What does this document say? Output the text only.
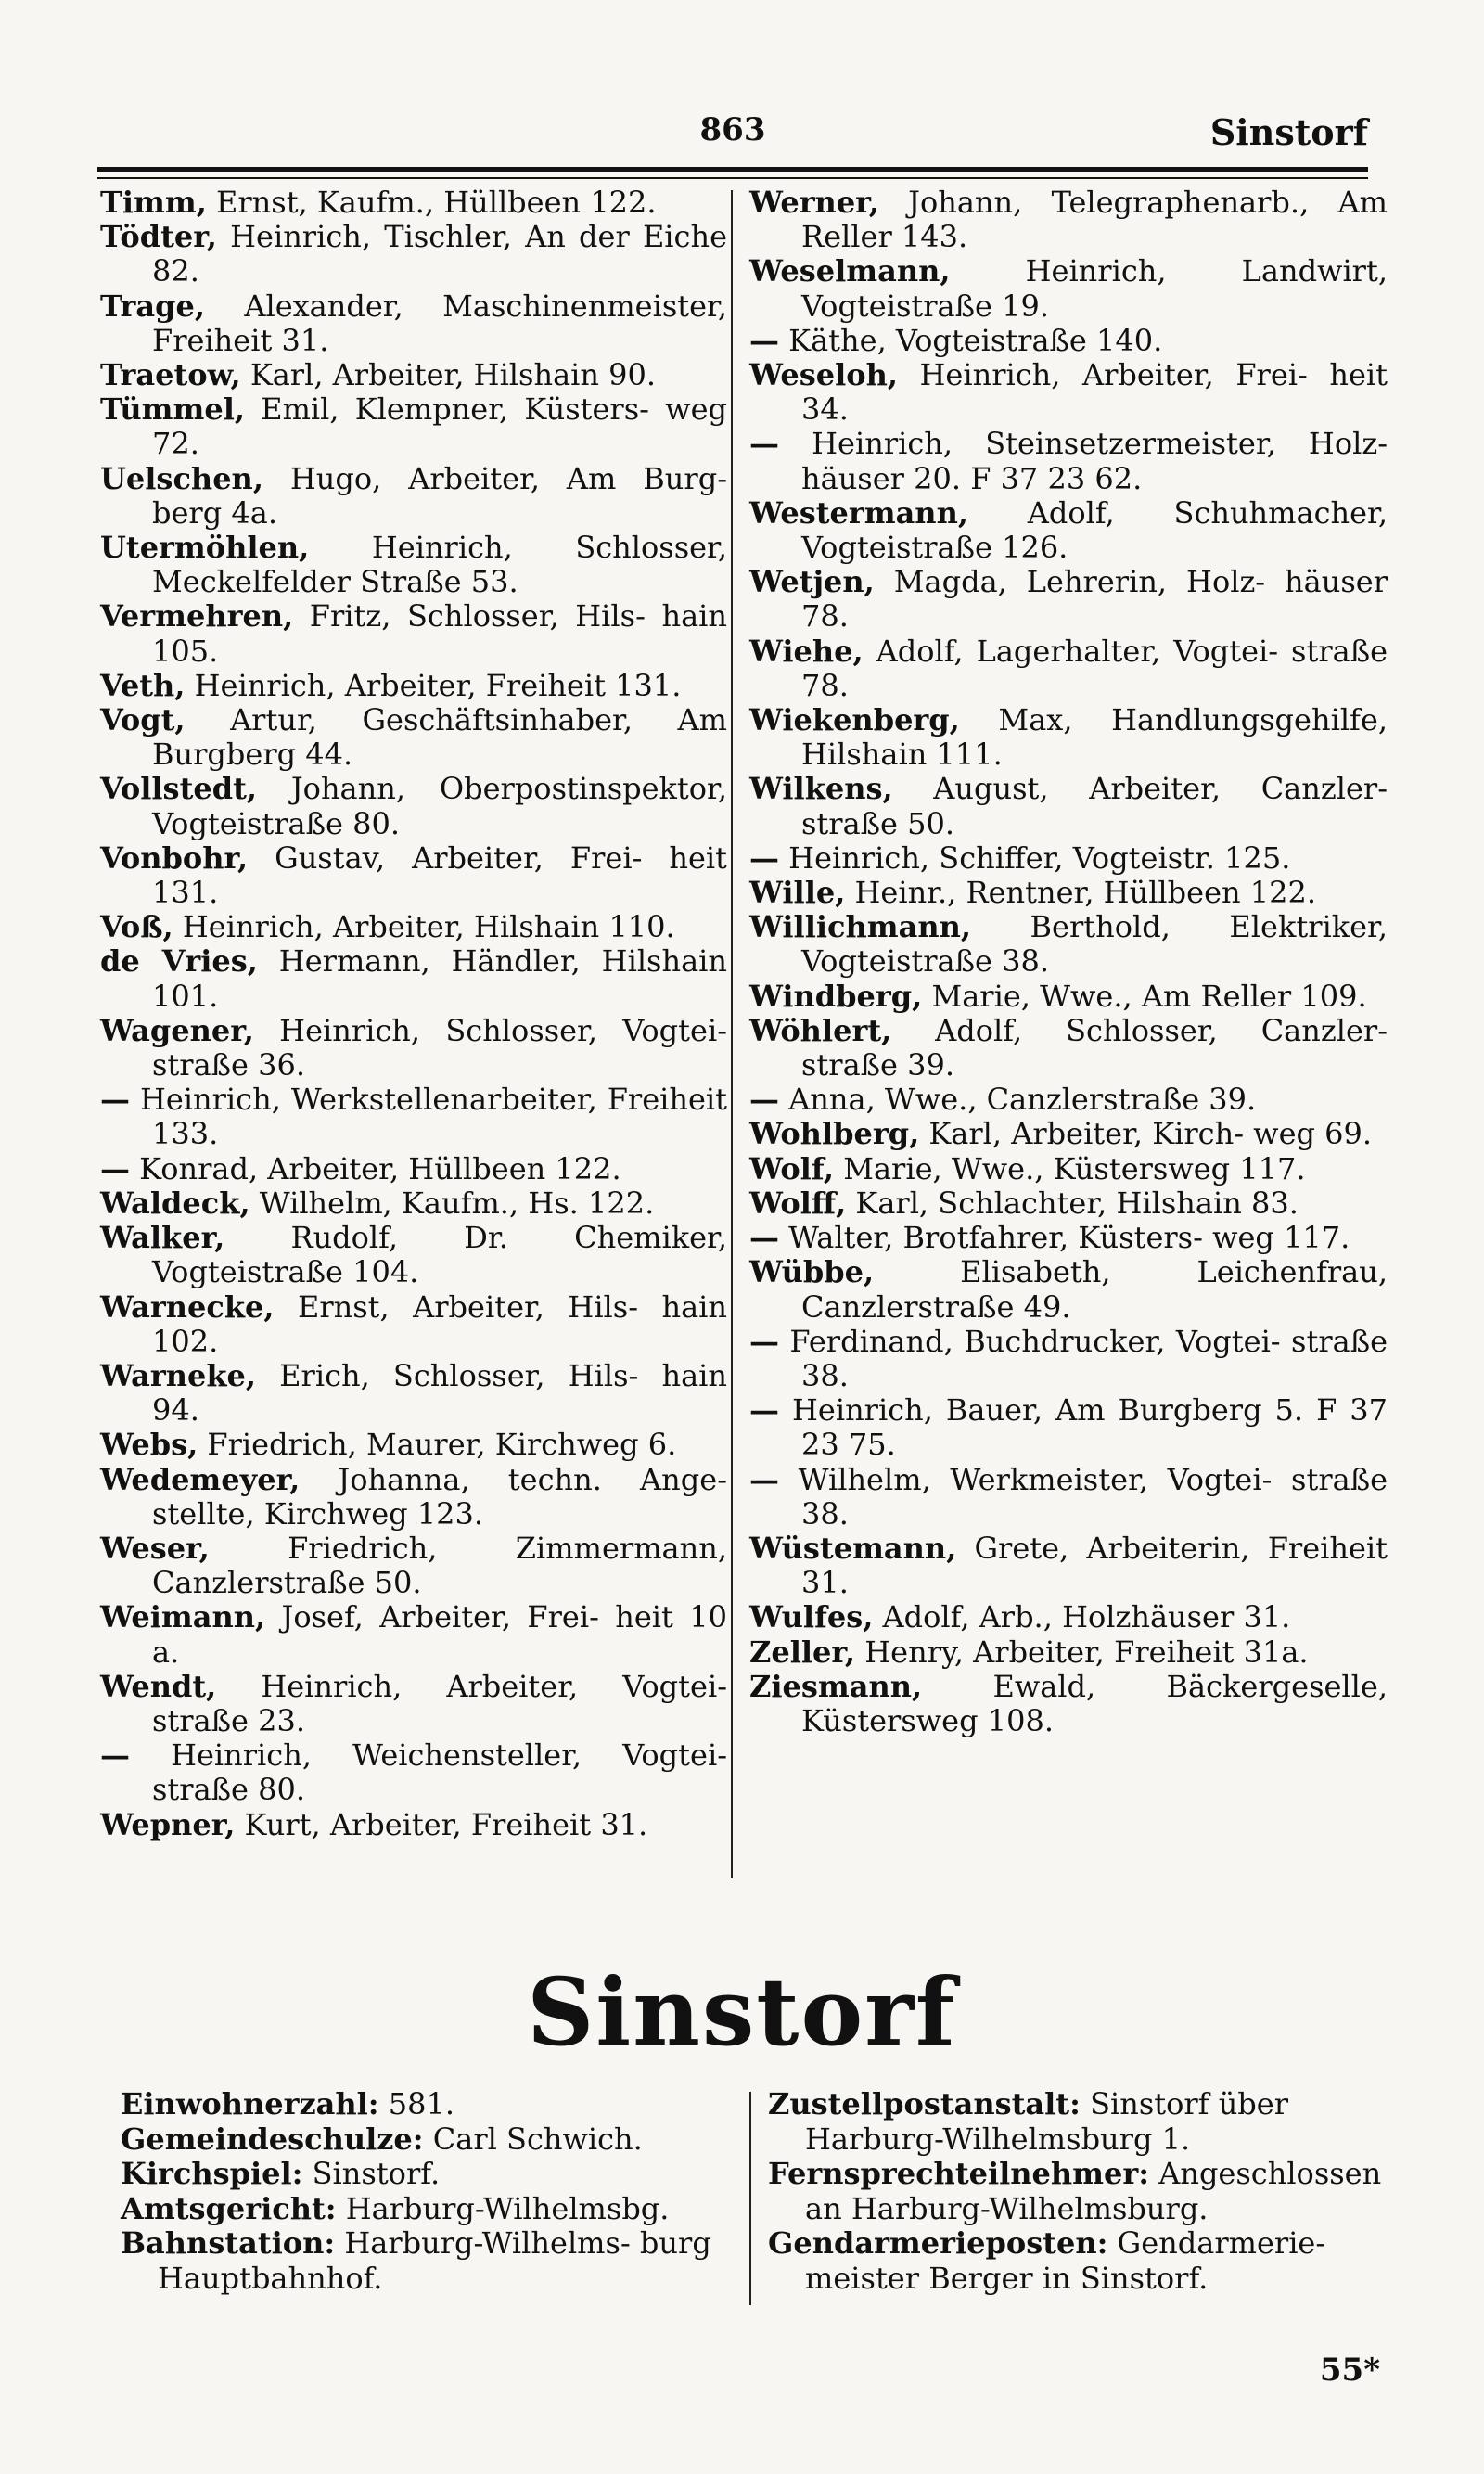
863	Sinstorf
Timm, Ernst, Kaufm., Hüllbeen 122.
Tödter, Heinrich, Tischler, An der Eiche 82.
Trage, Alexander, Maschinenmeister, Freiheit 31.
Traetow, Karl, Arbeiter, Hilshain 90.
Tümmel, Emil, Klempner, Küsters- weg 72.
Uelschen, Hugo, Arbeiter, Am Burg- berg 4a.
Utermöhlen, Heinrich, Schlosser, Meckelfelder Straße 53.
Vermehren, Fritz, Schlosser, Hils- hain 105.
Veth, Heinrich, Arbeiter, Freiheit 131.
Vogt, Artur, Geschäftsinhaber, Am Burgberg 44.
Vollstedt, Johann, Oberpostinspektor, Vogteistraße 80.
Vonbohr, Gustav, Arbeiter, Frei- heit 131.
Voß, Heinrich, Arbeiter, Hilshain 110.
de Vries, Hermann, Händler, Hilshain 101.
Wagener, Heinrich, Schlosser, Vogtei- straße 36.
— Heinrich, Werkstellenarbeiter, Freiheit 133.
— Konrad, Arbeiter, Hüllbeen 122.
Waldeck, Wilhelm, Kaufm., Hs. 122.
Walker, Rudolf, Dr. Chemiker, Vogteistraße 104.
Warnecke, Ernst, Arbeiter, Hils- hain 102.
Warneke, Erich, Schlosser, Hils- hain 94.
Webs, Friedrich, Maurer, Kirchweg 6.
Wedemeyer, Johanna, techn. Ange- stellte, Kirchweg 123.
Weser, Friedrich, Zimmermann, Canzlerstraße 50.
Weimann, Josef, Arbeiter, Frei- heit 10 a.
Wendt, Heinrich, Arbeiter, Vogtei- straße 23.
— Heinrich, Weichensteller, Vogtei- straße 80.
Wepner, Kurt, Arbeiter, Freiheit 31.
Werner, Johann, Telegraphenarb., Am Reller 143.
Weselmann, Heinrich, Landwirt, Vogteistraße 19.
— Käthe, Vogteistraße 140.
Weseloh, Heinrich, Arbeiter, Frei- heit 34.
— Heinrich, Steinsetzermeister, Holz- häuser 20. F 37 23 62.
Westermann, Adolf, Schuhmacher, Vogteistraße 126.
Wetjen, Magda, Lehrerin, Holz- häuser 78.
Wiehe, Adolf, Lagerhalter, Vogtei- straße 78.
Wiekenberg, Max, Handlungsgehilfe, Hilshain 111.
Wilkens, August, Arbeiter, Canzler- straße 50.
— Heinrich, Schiffer, Vogteistr. 125.
Wille, Heinr., Rentner, Hüllbeen 122.
Willichmann, Berthold, Elektriker, Vogteistraße 38.
Windberg, Marie, Wwe., Am Reller 109.
Wöhlert, Adolf, Schlosser, Canzler- straße 39.
— Anna, Wwe., Canzlerstraße 39.
Wohlberg, Karl, Arbeiter, Kirch- weg 69.
Wolf, Marie, Wwe., Küstersweg 117.
Wolff, Karl, Schlachter, Hilshain 83.
— Walter, Brotfahrer, Küsters- weg 117.
Wübbe, Elisabeth, Leichenfrau, Canzlerstraße 49.
— Ferdinand, Buchdrucker, Vogtei- straße 38.
— Heinrich, Bauer, Am Burgberg 5. F 37 23 75.
— Wilhelm, Werkmeister, Vogtei- straße 38.
Wüstemann, Grete, Arbeiterin, Freiheit 31.
Wulfes, Adolf, Arb., Holzhäuser 31.
Zeller, Henry, Arbeiter, Freiheit 31a.
Ziesmann, Ewald, Bäckergeselle, Küstersweg 108.
Sinstorf
Einwohnerzahl: 581.
Gemeindeschulze: Carl Schwich.
Kirchspiel: Sinstorf.
Amtsgericht: Harburg-Wilhelmsbg.
Bahnstation: Harburg-Wilhelms- burg Hauptbahnhof.
Zustellpostanstalt: Sinstorf über Harburg-Wilhelmsburg 1.
Fernsprechteilnehmer: Angeschlossen an Harburg-Wilhelmsburg.
Gendarmerieposten: Gendarmerie- meister Berger in Sinstorf.
55*
